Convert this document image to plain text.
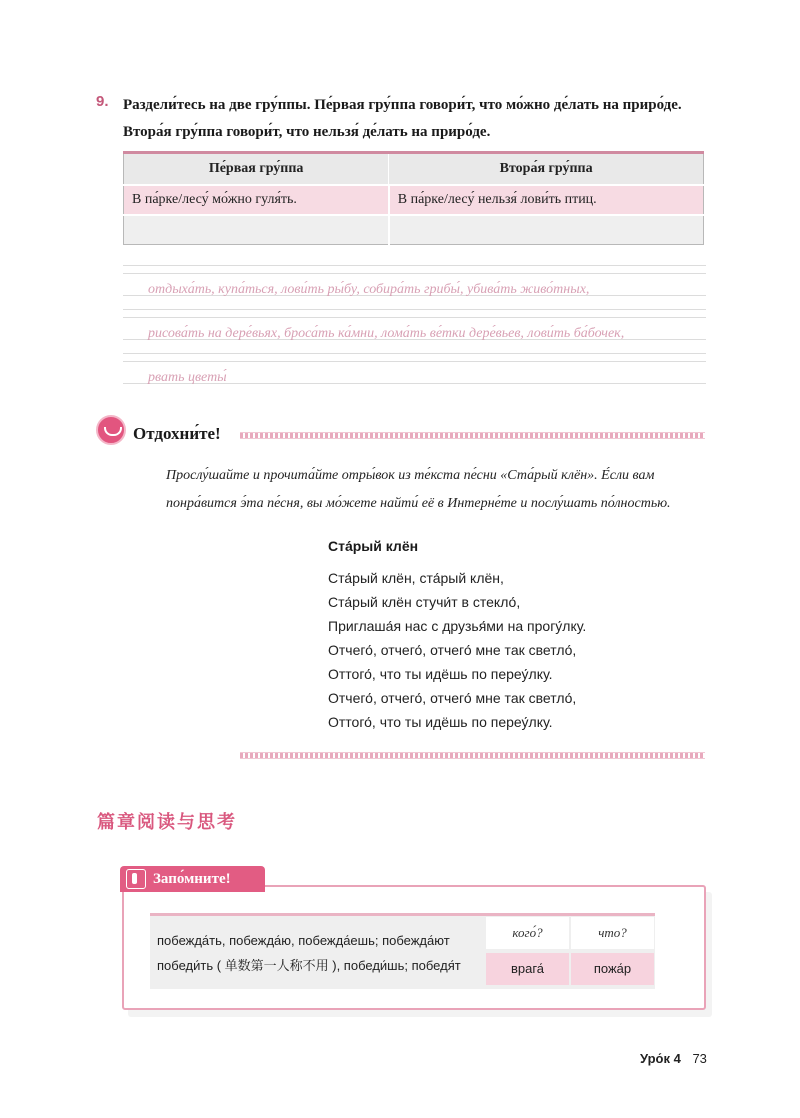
9. Раздели́тесь на две гру́ппы. Пе́рвая гру́ппа говори́т, что мо́жно де́лать на приро́де.
Втора́я гру́ппа говори́т, что нельзя́ де́лать на приро́де.
Пе́рвая гру́ппа	Втора́я гру́ппа
В па́рке/лесу́ мо́жно гуля́ть.	В па́рке/лесу́ нельзя́ лови́ть птиц.

отдыха́ть, купа́ться, лови́ть ры́бу, собира́ть грибы́, убива́ть живо́тных,
рисова́ть на дере́вьях, броса́ть ка́мни, лома́ть ве́тки дере́вьев, лови́ть ба́бочек,
рвать цветы́
Отдохни́те!
Прослу́шайте и прочита́йте отры́вок из те́кста пе́сни «Ста́рый клён». Е́сли вам понра́вится э́та пе́сня, вы мо́жете найти́ её в Интерне́те и послу́шать по́лностью.
Ста́рый клён
Ста́рый клён, ста́рый клён,
Ста́рый клён стучи́т в стекло́,
Приглаша́я нас с друзья́ми на прогу́лку.
Отчего́, отчего́, отчего́ мне так светло́,
Оттого́, что ты идёшь по переу́лку.
Отчего́, отчего́, отчего́ мне так светло́,
Оттого́, что ты идёшь по переу́лку.
篇章阅读与思考
Запо́мните!
побежда́ть, побежда́ю, побежда́ешь; побежда́ют
победи́ть ( 单数第一人称不用 ), победи́шь; победя́т
кого́?	что?
врага́	пожа́р
Уро́к 4 73
